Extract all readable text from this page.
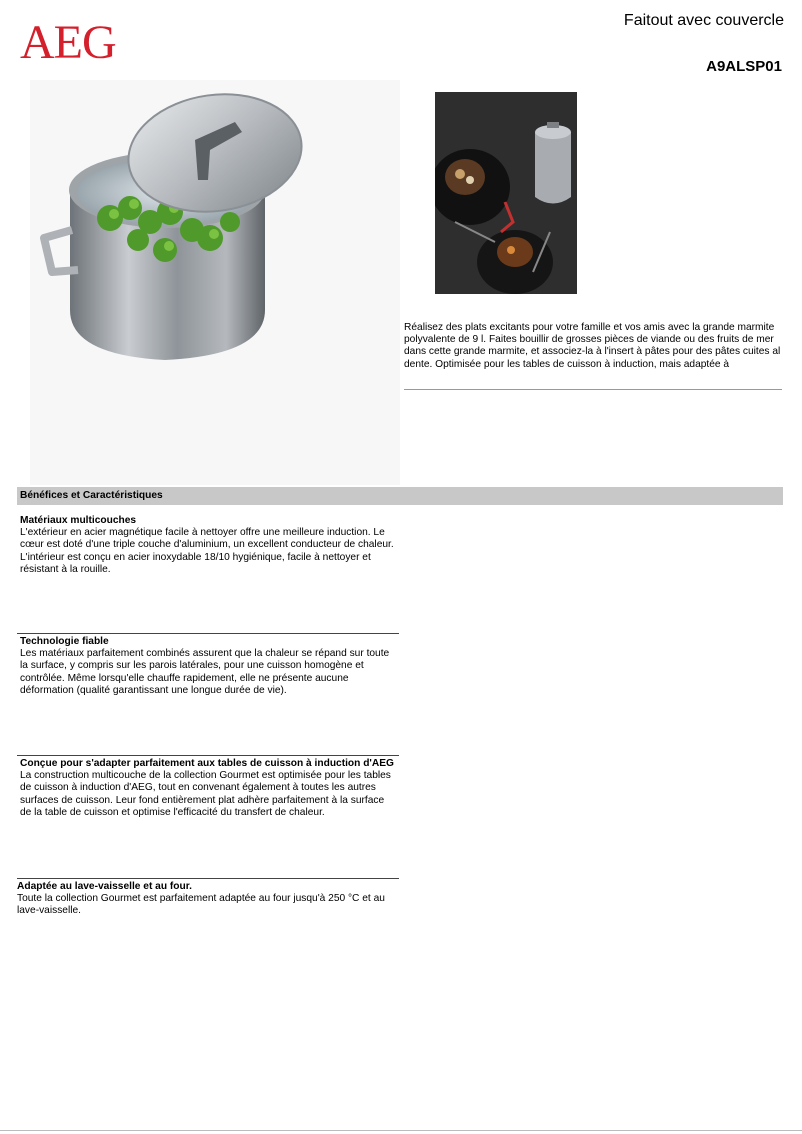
AEG	Faitout avec couvercle
A9ALSP01
Réalisez des plats excitants pour votre famille et vos amis avec la grande marmite polyvalente de 9 l. Faites bouillir de grosses pièces de viande ou des fruits de mer dans cette grande marmite, et associez-la à l'insert à pâtes pour des pâtes cuites al dente. Optimisée pour les tables de cuisson à induction, mais adaptée à
Bénéfices et Caractéristiques
Matériaux multicouches
L'extérieur en acier magnétique facile à nettoyer offre une meilleure induction. Le cœur est doté d'une triple couche d'aluminium, un excellent conducteur de chaleur. L'intérieur est conçu en acier inoxydable 18/10 hygiénique, facile à nettoyer et résistant à la rouille.
Technologie fiable
Les matériaux parfaitement combinés assurent que la chaleur se répand sur toute la surface, y compris sur les parois latérales, pour une cuisson homogène et contrôlée. Même lorsqu'elle chauffe rapidement, elle ne présente aucune déformation (qualité garantissant une longue durée de vie).
Conçue pour s'adapter parfaitement aux tables de cuisson à induction d'AEG
La construction multicouche de la collection Gourmet est optimisée pour les tables de cuisson à induction d'AEG, tout en convenant également à toutes les autres surfaces de cuisson. Leur fond entièrement plat adhère parfaitement à la surface de la table de cuisson et optimise l'efficacité du transfert de chaleur.
Adaptée au lave-vaisselle et au four.
Toute la collection Gourmet est parfaitement adaptée au four jusqu'à 250 °C et au lave-vaisselle.
